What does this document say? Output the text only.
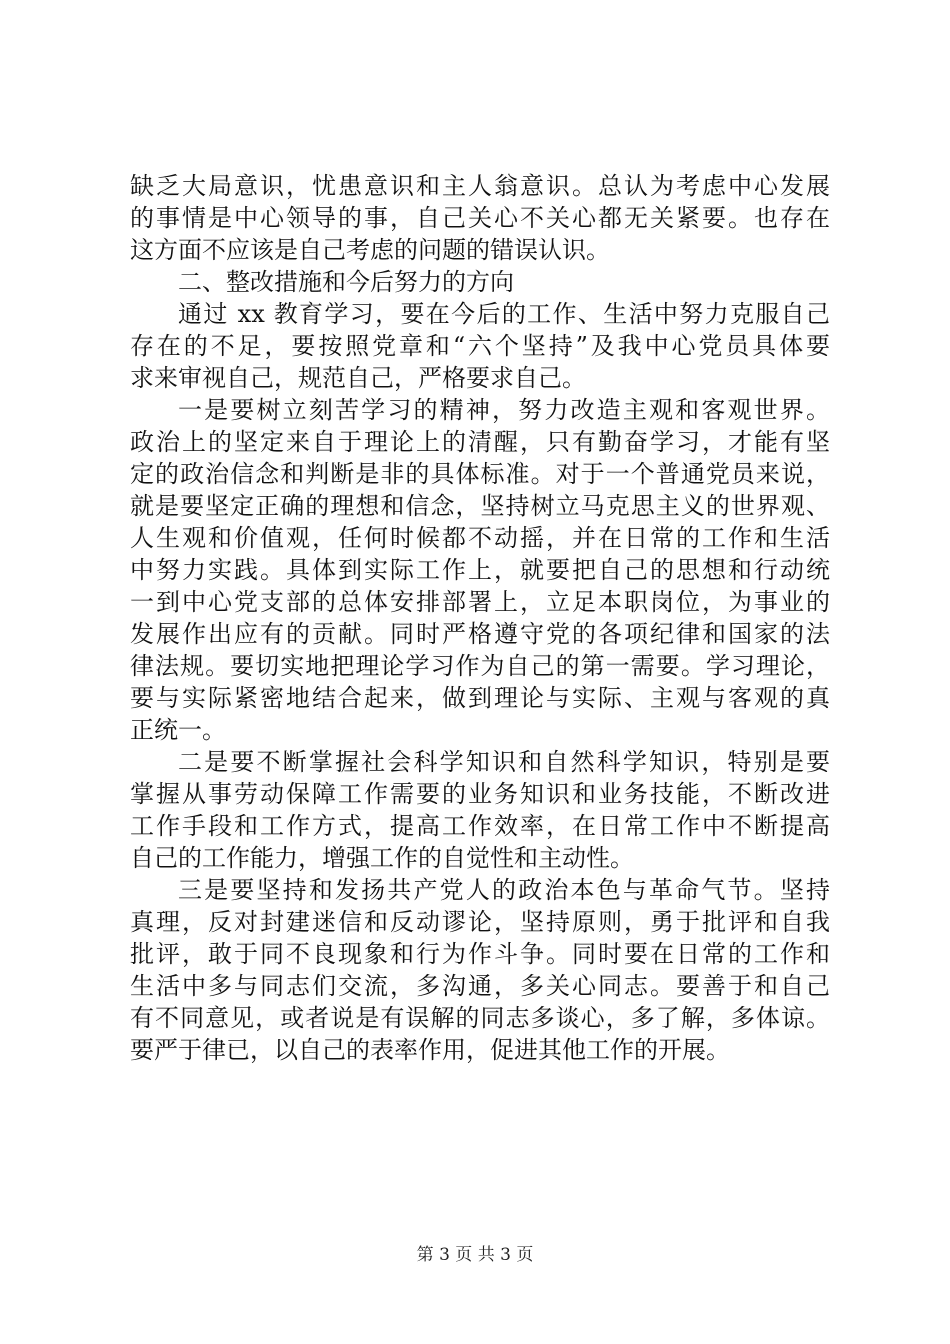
缺乏大局意识，忧患意识和主人翁意识。总认为考虑中心发展
的事情是中心领导的事，自己关心不关心都无关紧要。也存在
这方面不应该是自己考虑的问题的错误认识。
二、整改措施和今后努力的方向
通过 xx 教育学习，要在今后的工作、生活中努力克服自己
存在的不足，要按照党章和“六个坚持”及我中心党员具体要
求来审视自己，规范自己，严格要求自己。
一是要树立刻苦学习的精神，努力改造主观和客观世界。
政治上的坚定来自于理论上的清醒，只有勤奋学习，才能有坚
定的政治信念和判断是非的具体标准。对于一个普通党员来说，
就是要坚定正确的理想和信念，坚持树立马克思主义的世界观、
人生观和价值观，任何时候都不动摇，并在日常的工作和生活
中努力实践。具体到实际工作上，就要把自己的思想和行动统
一到中心党支部的总体安排部署上，立足本职岗位，为事业的
发展作出应有的贡献。同时严格遵守党的各项纪律和国家的法
律法规。要切实地把理论学习作为自己的第一需要。学习理论，
要与实际紧密地结合起来，做到理论与实际、主观与客观的真
正统一。
二是要不断掌握社会科学知识和自然科学知识，特别是要
掌握从事劳动保障工作需要的业务知识和业务技能，不断改进
工作手段和工作方式，提高工作效率，在日常工作中不断提高
自己的工作能力，增强工作的自觉性和主动性。
三是要坚持和发扬共产党人的政治本色与革命气节。坚持
真理，反对封建迷信和反动谬论，坚持原则，勇于批评和自我
批评，敢于同不良现象和行为作斗争。同时要在日常的工作和
生活中多与同志们交流，多沟通，多关心同志。要善于和自己
有不同意见，或者说是有误解的同志多谈心，多了解，多体谅。
要严于律已，以自己的表率作用，促进其他工作的开展。
第 3 页 共 3 页
